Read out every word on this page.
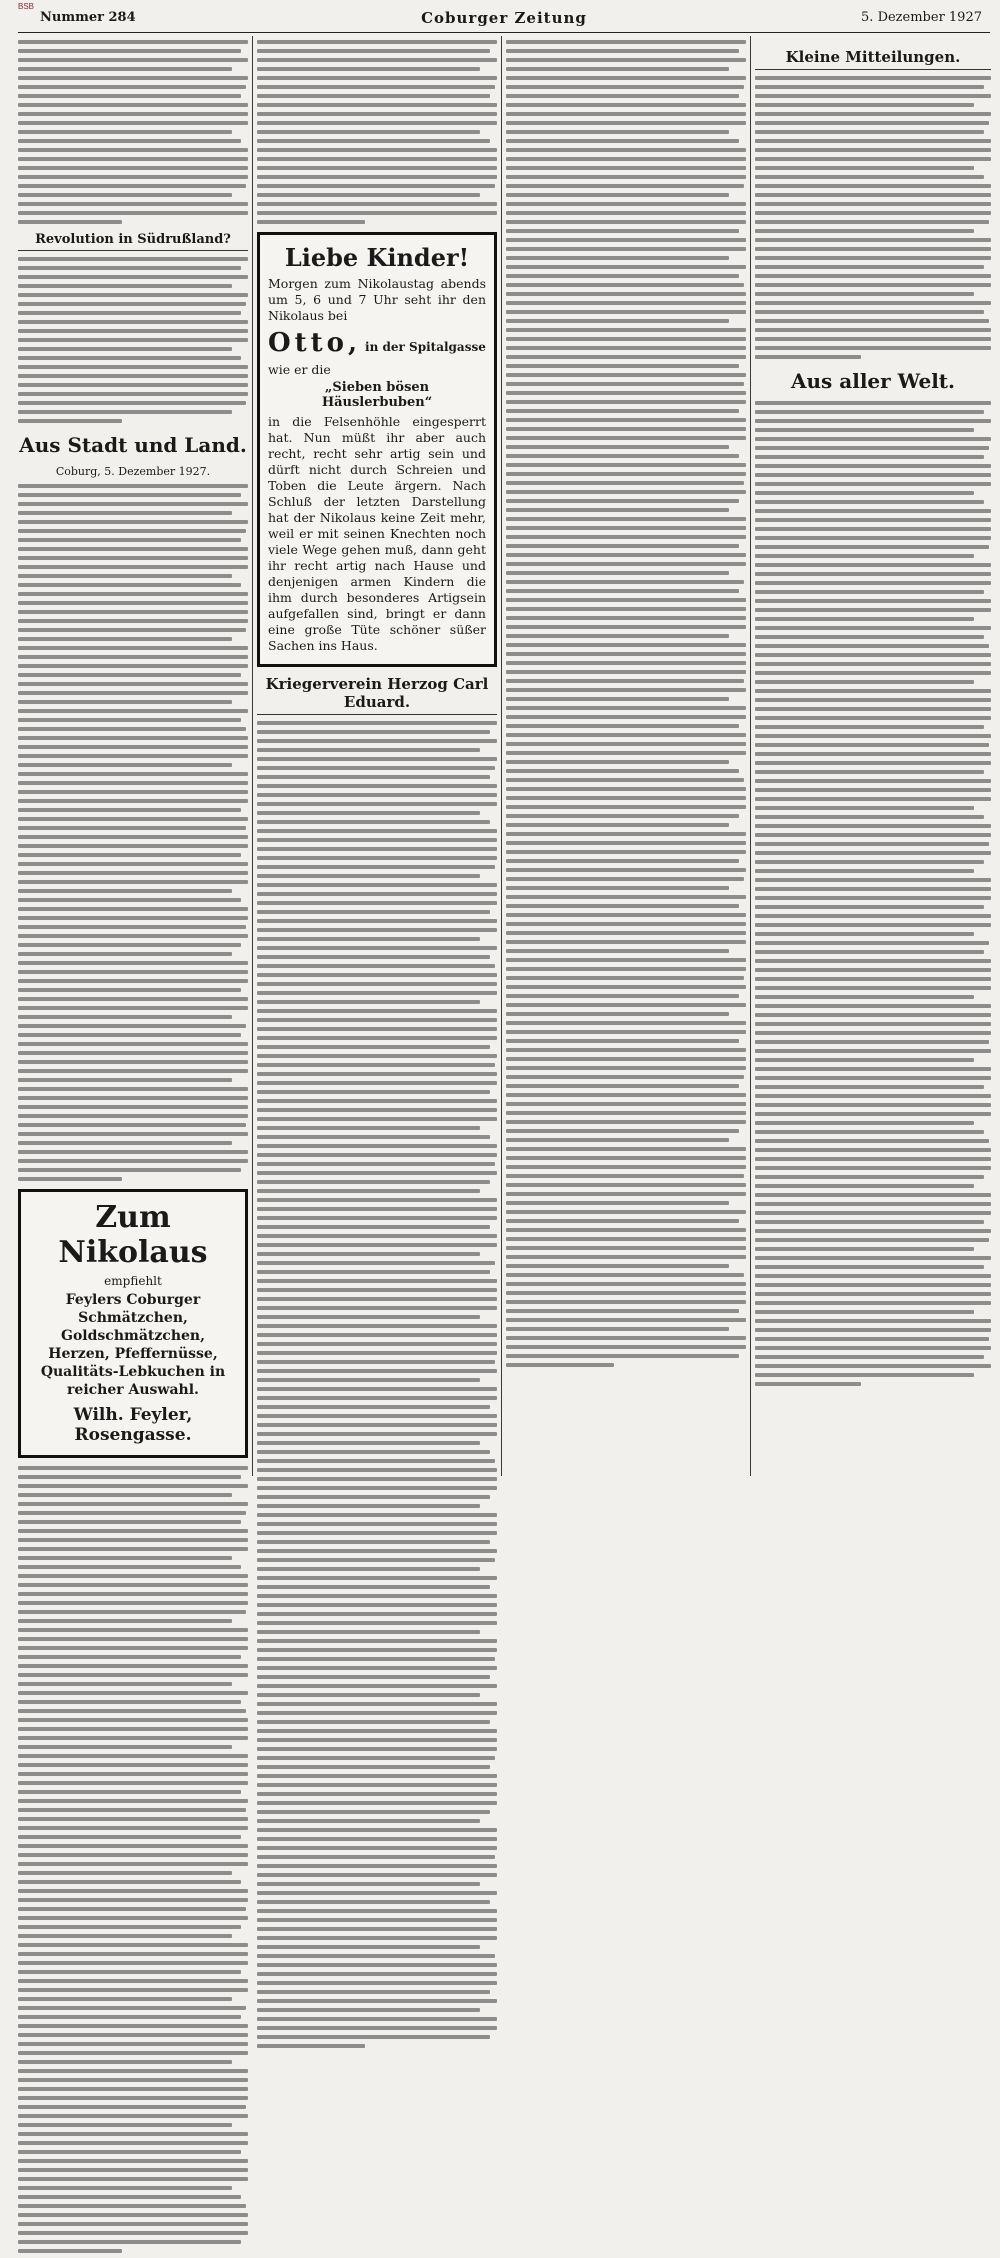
BSB
Nummer 284	Coburger Zeitung	5. Dezember 1927
Revolution in Südrußland?
Aus Stadt und Land.
Coburg, 5. Dezember 1927.
Zum Nikolaus
empfiehlt
Feylers Coburger Schmätzchen, Goldschmätzchen, Herzen, Pfeffernüsse, Qualitäts-Lebkuchen in reicher Auswahl.
Wilh. Feyler, Rosengasse.
Liebe Kinder!
Morgen zum Nikolaustag abends um 5, 6 und 7 Uhr seht ihr den Nikolaus bei
Otto, in der Spitalgasse
wie er die
„Sieben bösen Häuslerbuben“
in die Felsenhöhle eingesperrt hat. Nun müßt ihr aber auch recht, recht sehr artig sein und dürft nicht durch Schreien und Toben die Leute ärgern. Nach Schluß der letzten Darstellung hat der Nikolaus keine Zeit mehr, weil er mit seinen Knechten noch viele Wege gehen muß, dann geht ihr recht artig nach Hause und denjenigen armen Kindern die ihm durch besonderes Artigsein aufgefallen sind, bringt er dann eine große Tüte schöner süßer Sachen ins Haus.
Kriegerverein Herzog Carl Eduard.
Kleine Mitteilungen.
Aus aller Welt.
